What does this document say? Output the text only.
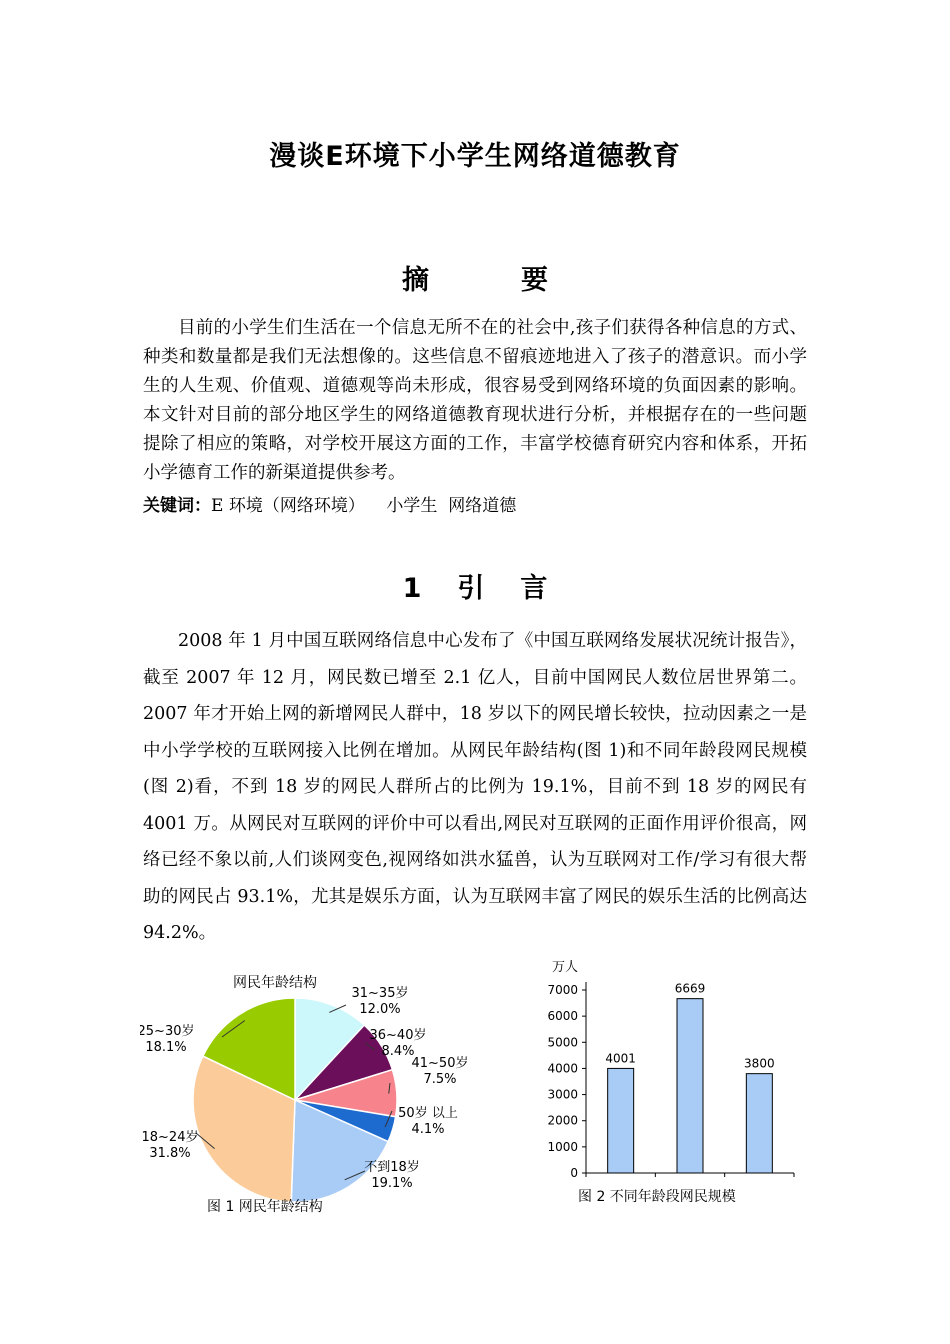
漫谈E环境下小学生网络道德教育
摘	要
目前的小学生们生活在一个信息无所不在的社会中,孩子们获得各种信息的方式、种类和数量都是我们无法想像的。这些信息不留痕迹地进入了孩子的潜意识。而小学生的人生观、价值观、道德观等尚未形成，很容易受到网络环境的负面因素的影响。本文针对目前的部分地区学生的网络道德教育现状进行分析，并根据存在的一些问题提除了相应的策略，对学校开展这方面的工作，丰富学校德育研究内容和体系，开拓小学德育工作的新渠道提供参考。
关键词：E 环境（网络环境）    小学生  网络道德
1 引 言
2008 年 1 月中国互联网络信息中心发布了《中国互联网络发展状况统计报告》，截至 2007 年 12 月，网民数已增至 2.1 亿人，目前中国网民人数位居世界第二。2007 年才开始上网的新增网民人群中，18 岁以下的网民增长较快，拉动因素之一是中小学学校的互联网接入比例在增加。从网民年龄结构(图 1)和不同年龄段网民规模(图 2)看，不到 18 岁的网民人群所占的比例为 19.1%，目前不到 18 岁的网民有 4001 万。从网民对互联网的评价中可以看出,网民对互联网的正面作用评价很高，网络已经不象以前,人们谈网变色,视网络如洪水猛兽，认为互联网对工作/学习有很大帮助的网民占 93.1%，尤其是娱乐方面，认为互联网丰富了网民的娱乐生活的比例高达 94.2%。
网民年龄结构
31~35岁
12.0%
36~40岁
8.4%
41~50岁
7.5%
50岁 以上
4.1%
不到18岁
19.1%
18~24岁
31.8%
25~30岁
18.1%
图 1 网民年龄结构
万人
0
1000
2000
3000
4000
5000
6000
7000
4001
6669
3800
图 2 不同年龄段网民规模
